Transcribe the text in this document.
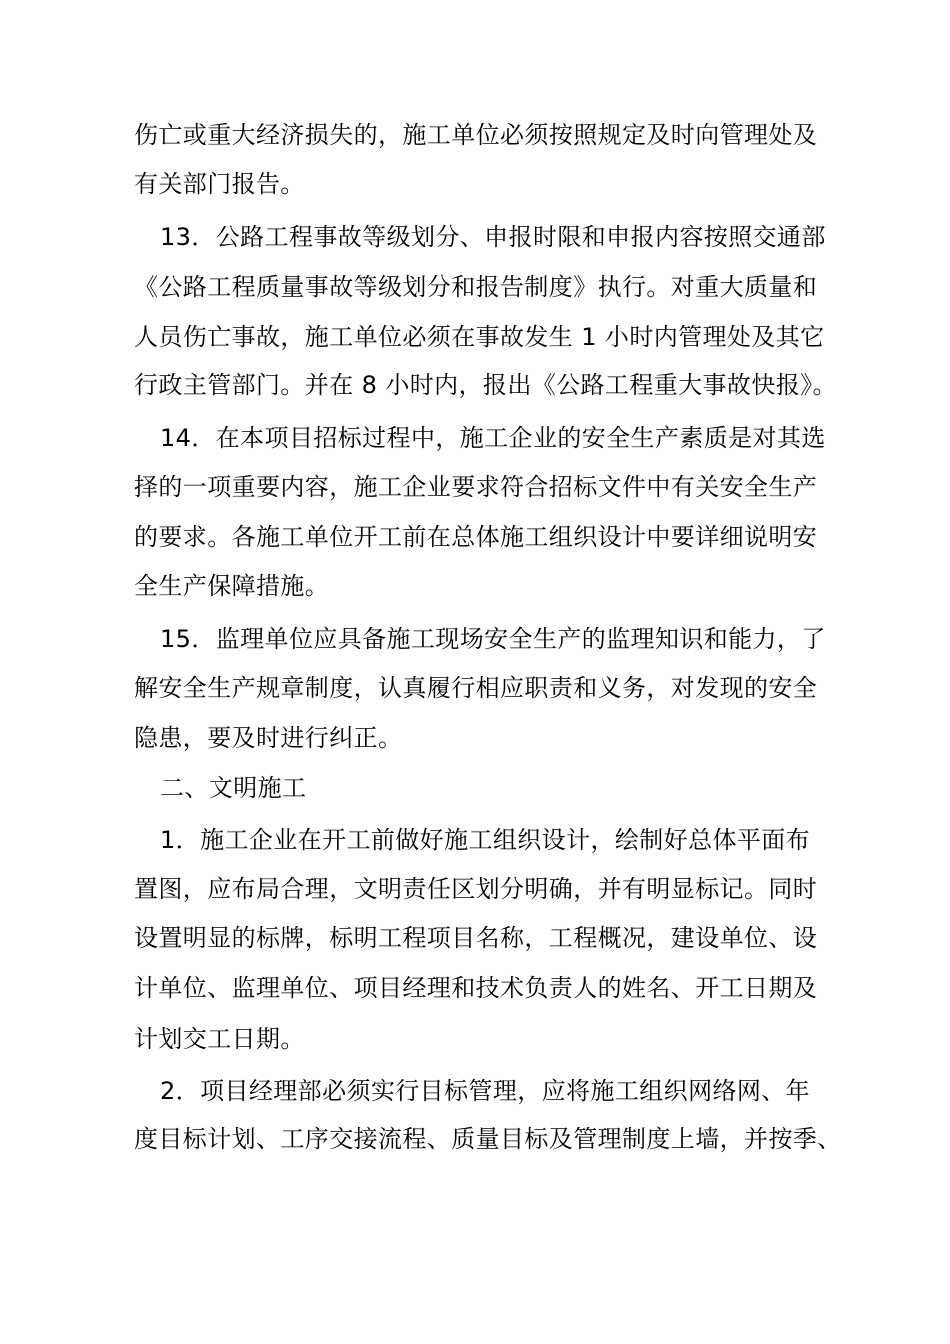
伤亡或重大经济损失的，施工单位必须按照规定及时向管理处及
有关部门报告。
13．公路工程事故等级划分、申报时限和申报内容按照交通部
《公路工程质量事故等级划分和报告制度》执行。对重大质量和
人员伤亡事故，施工单位必须在事故发生 1 小时内管理处及其它
行政主管部门。并在 8 小时内，报出《公路工程重大事故快报》。
14．在本项目招标过程中，施工企业的安全生产素质是对其选
择的一项重要内容，施工企业要求符合招标文件中有关安全生产
的要求。各施工单位开工前在总体施工组织设计中要详细说明安
全生产保障措施。
15．监理单位应具备施工现场安全生产的监理知识和能力，了
解安全生产规章制度，认真履行相应职责和义务，对发现的安全
隐患，要及时进行纠正。
二、文明施工
1．施工企业在开工前做好施工组织设计，绘制好总体平面布
置图，应布局合理，文明责任区划分明确，并有明显标记。同时
设置明显的标牌，标明工程项目名称，工程概况，建设单位、设
计单位、监理单位、项目经理和技术负责人的姓名、开工日期及
计划交工日期。
2．项目经理部必须实行目标管理，应将施工组织网络网、年
度目标计划、工序交接流程、质量目标及管理制度上墙，并按季、
